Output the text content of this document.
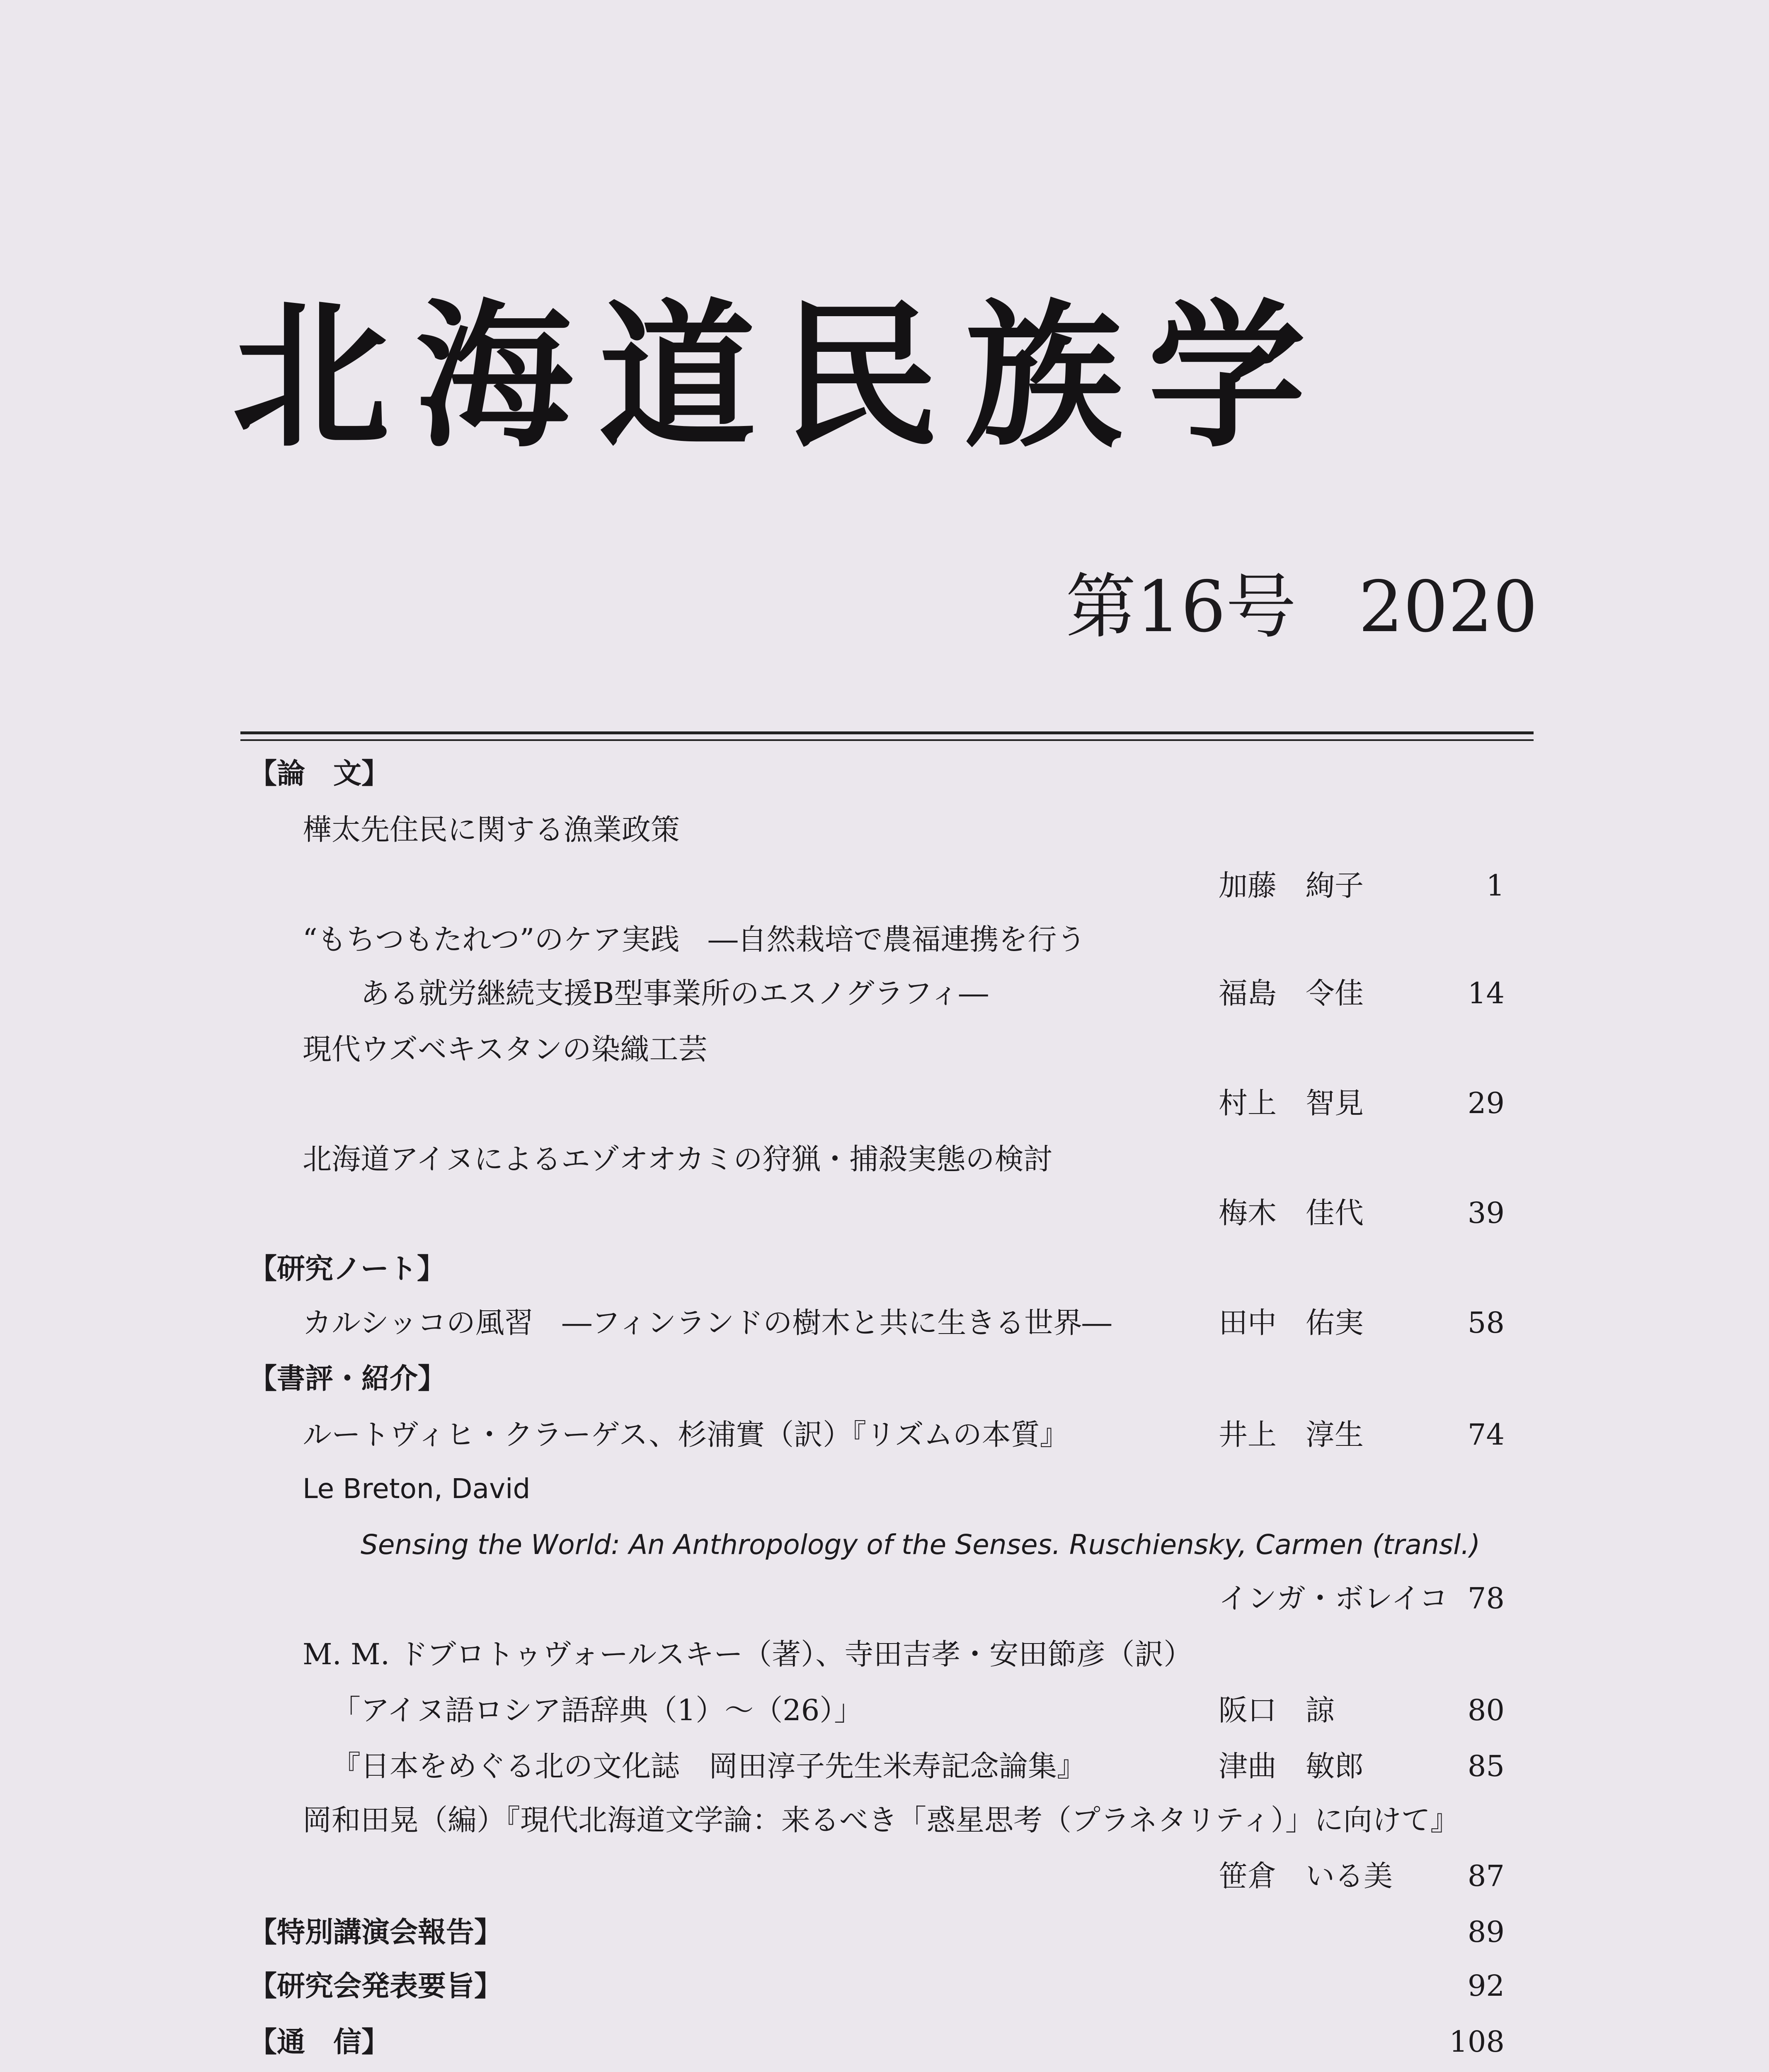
北海道民族学
第16号 2020
【論　文】
樺太先住民に関する漁業政策
加藤　絢子	1
“もちつもたれつ”のケア実践　―自然栽培で農福連携を行う
ある就労継続支援B型事業所のエスノグラフィ―	福島　令佳	14
現代ウズベキスタンの染織工芸
村上　智見	29
北海道アイヌによるエゾオオカミの狩猟・捕殺実態の検討
梅木　佳代	39
【研究ノート】
カルシッコの風習　―フィンランドの樹木と共に生きる世界―	田中　佑実	58
【書評・紹介】
ルートヴィヒ・クラーゲス、杉浦實（訳）『リズムの本質』	井上　淳生	74
Le Breton, David
Sensing the World: An Anthropology of the Senses. Ruschiensky, Carmen (transl.)
インガ・ボレイコ 78
M. M. ドブロトゥヴォールスキー（著）、寺田吉孝・安田節彦（訳）
「アイヌ語ロシア語辞典（1）～（26）」	阪口　諒	80
『日本をめぐる北の文化誌　岡田淳子先生米寿記念論集』	津曲　敏郎	85
岡和田晃（編）『現代北海道文学論：来るべき「惑星思考（プラネタリティ）」に向けて』
笹倉　いる美	87
【特別講演会報告】	89
【研究会発表要旨】	92
【通　信】	108
